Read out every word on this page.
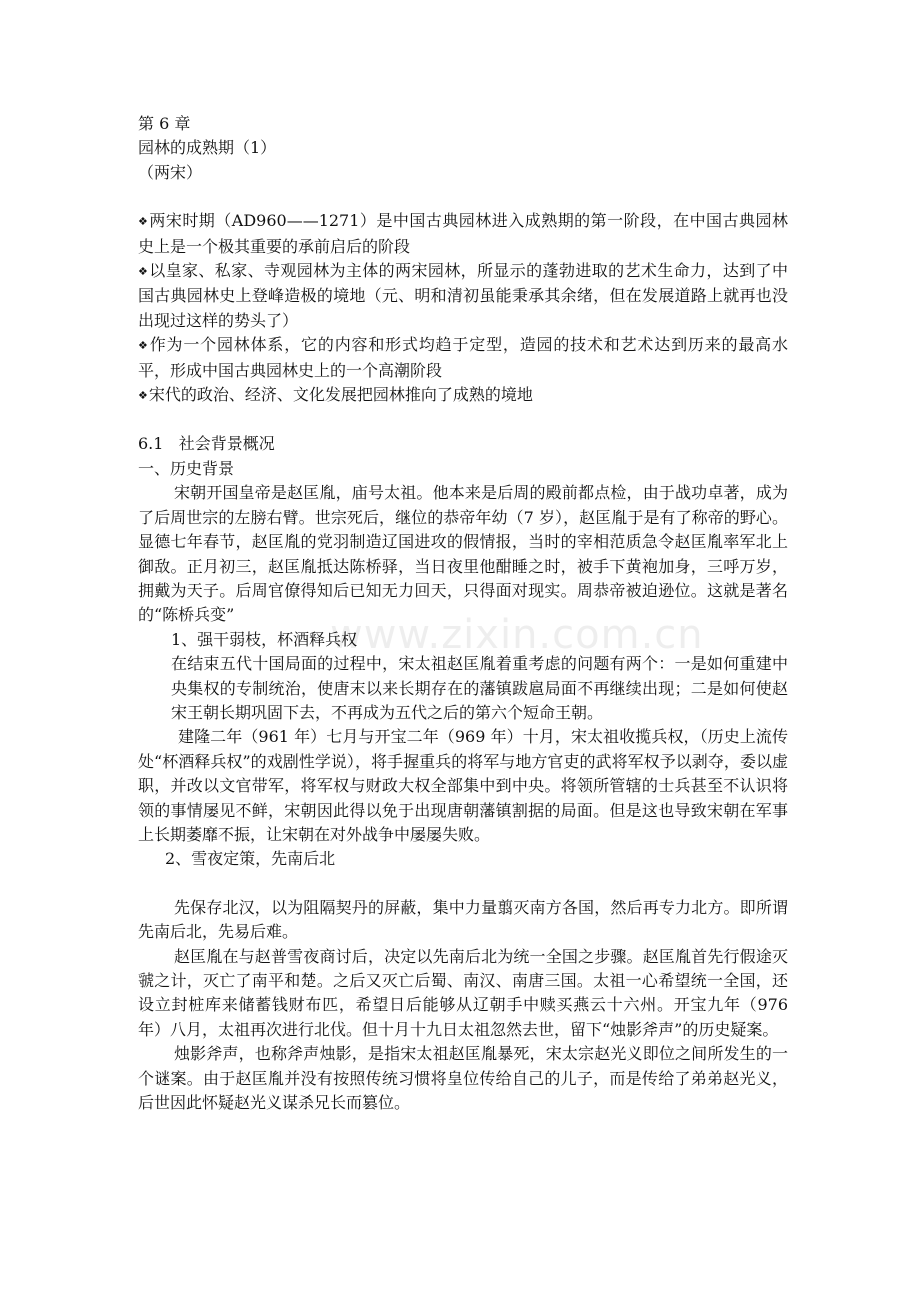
www.zixin.com.cn
第 6 章
园林的成熟期（1）
（两宋）
❖两宋时期（AD960——1271）是中国古典园林进入成熟期的第一阶段，在中国古典园林史上是一个极其重要的承前启后的阶段
❖以皇家、私家、寺观园林为主体的两宋园林，所显示的蓬勃进取的艺术生命力，达到了中国古典园林史上登峰造极的境地（元、明和清初虽能秉承其余绪，但在发展道路上就再也没出现过这样的势头了）
❖作为一个园林体系，它的内容和形式均趋于定型，造园的技术和艺术达到历来的最高水平，形成中国古典园林史上的一个高潮阶段
❖宋代的政治、经济、文化发展把园林推向了成熟的境地
6.1 社会背景概况
一、历史背景
宋朝开国皇帝是赵匡胤，庙号太祖。他本来是后周的殿前都点检，由于战功卓著，成为了后周世宗的左膀右臂。世宗死后，继位的恭帝年幼（7 岁），赵匡胤于是有了称帝的野心。显德七年春节，赵匡胤的党羽制造辽国进攻的假情报，当时的宰相范质急令赵匡胤率军北上御敌。正月初三，赵匡胤抵达陈桥驿，当日夜里他酣睡之时，被手下黄袍加身，三呼万岁，拥戴为天子。后周官僚得知后已知无力回天，只得面对现实。周恭帝被迫逊位。这就是著名的“陈桥兵变”
1、强干弱枝，杯酒释兵权
在结束五代十国局面的过程中，宋太祖赵匡胤着重考虑的问题有两个：一是如何重建中央集权的专制统治，使唐末以来长期存在的藩镇跋扈局面不再继续出现；二是如何使赵宋王朝长期巩固下去，不再成为五代之后的第六个短命王朝。
建隆二年（961 年）七月与开宝二年（969 年）十月，宋太祖收揽兵权，（历史上流传处“杯酒释兵权”的戏剧性学说），将手握重兵的将军与地方官吏的武将军权予以剥夺，委以虚职，并改以文官带军，将军权与财政大权全部集中到中央。将领所管辖的士兵甚至不认识将领的事情屡见不鲜，宋朝因此得以免于出现唐朝藩镇割据的局面。但是这也导致宋朝在军事上长期萎靡不振，让宋朝在对外战争中屡屡失败。
2、雪夜定策，先南后北
先保存北汉，以为阻隔契丹的屏蔽，集中力量翦灭南方各国，然后再专力北方。即所谓先南后北，先易后难。
赵匡胤在与赵普雪夜商讨后，决定以先南后北为统一全国之步骤。赵匡胤首先行假途灭虢之计，灭亡了南平和楚。之后又灭亡后蜀、南汉、南唐三国。太祖一心希望统一全国，还设立封桩库来储蓄钱财布匹，希望日后能够从辽朝手中赎买燕云十六州。开宝九年（976 年）八月，太祖再次进行北伐。但十月十九日太祖忽然去世，留下“烛影斧声”的历史疑案。
烛影斧声，也称斧声烛影，是指宋太祖赵匡胤暴死，宋太宗赵光义即位之间所发生的一个谜案。由于赵匡胤并没有按照传统习惯将皇位传给自己的儿子，而是传给了弟弟赵光义，后世因此怀疑赵光义谋杀兄长而篡位。
